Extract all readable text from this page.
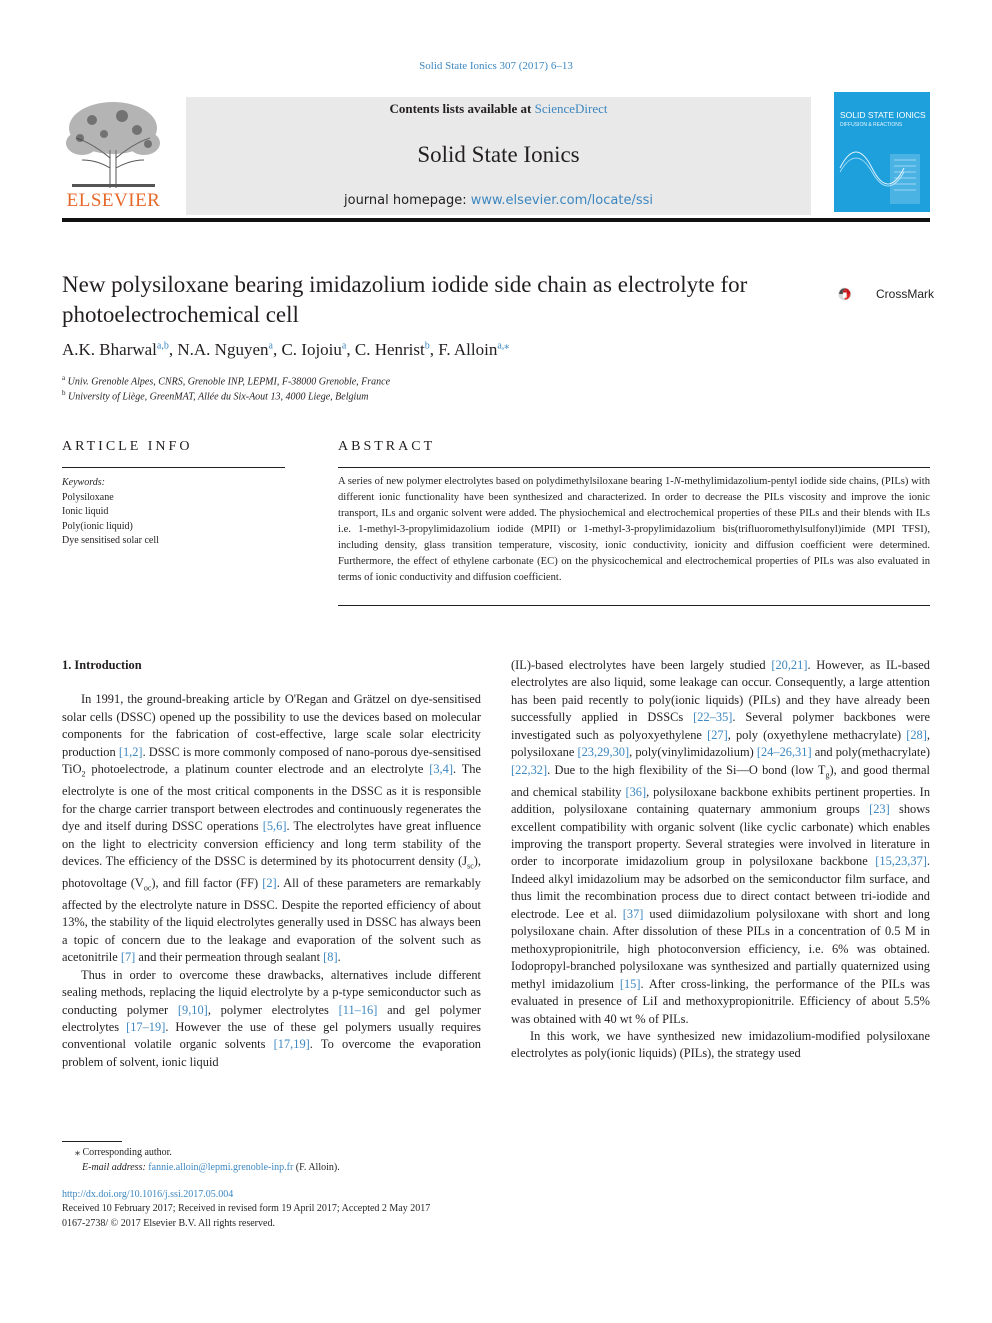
Solid State Ionics 307 (2017) 6–13
Contents lists available at ScienceDirect
Solid State Ionics
journal homepage: www.elsevier.com/locate/ssi
ELSEVIER
SOLID STATE IONICS
DIFFUSION & REACTIONS
New polysiloxane bearing imidazolium iodide side chain as electrolyte for photoelectrochemical cell
CrossMark
A.K. Bharwal$^{a,b}$, N.A. Nguyen$^a$, C. Iojoiu$^a$, C. Henrist$^b$, F. Alloin$^{a,⁎}$
$^a$ Univ. Grenoble Alpes, CNRS, Grenoble INP, LEPMI, F-38000 Grenoble, France
$^b$ University of Liège, GreenMAT, Allée du Six-Aout 13, 4000 Liege, Belgium
ARTICLE INFO	ABSTRACT
Keywords:
Polysiloxane
Ionic liquid
Poly(ionic liquid)
Dye sensitised solar cell
A series of new polymer electrolytes based on polydimethylsiloxane bearing 1-N-methylimidazolium-pentyl iodide side chains, (PILs) with different ionic functionality have been synthesized and characterized. In order to decrease the PILs viscosity and improve the ionic transport, ILs and organic solvent were added. The physiochemical and electrochemical properties of these PILs and their blends with ILs i.e. 1-methyl-3-propylimidazolium iodide (MPII) or 1-methyl-3-propylimidazolium bis(trifluoromethylsulfonyl)imide (MPI TFSI), including density, glass transition temperature, viscosity, ionic conductivity, ionicity and diffusion coefficient were determined. Furthermore, the effect of ethylene carbonate (EC) on the physicochemical and electrochemical properties of PILs was also evaluated in terms of ionic conductivity and diffusion coefficient.

1. Introduction

In 1991, the ground-breaking article by O'Regan and Grätzel on dye-sensitised solar cells (DSSC) opened up the possibility to use the devices based on molecular components for the fabrication of cost-effective, large scale solar electricity production [1,2]. DSSC is more commonly composed of nano-porous dye-sensitised TiO$_2$ photoelectrode, a platinum counter electrode and an electrolyte [3,4]. The electrolyte is one of the most critical components in the DSSC as it is responsible for the charge carrier transport between electrodes and continuously regenerates the dye and itself during DSSC operations [5,6]. The electrolytes have great influence on the light to electricity conversion efficiency and long term stability of the devices. The efficiency of the DSSC is determined by its photocurrent density $(J_{sc})$, photovoltage $(V_{oc})$, and fill factor (FF) [2]. All of these parameters are remarkably affected by the electrolyte nature in DSSC. Despite the reported efficiency of about 13%, the stability of the liquid electrolytes generally used in DSSC has always been a topic of concern due to the leakage and evaporation of the solvent such as acetonitrile [7] and their permeation through sealant [8].

Thus in order to overcome these drawbacks, alternatives include different sealing methods, replacing the liquid electrolyte by a p-type semiconductor such as conducting polymer [9,10], polymer electrolytes [11–16] and gel polymer electrolytes [17–19]. However the use of these gel polymers usually requires conventional volatile organic solvents [17,19]. To overcome the evaporation problem of solvent, ionic liquid

(IL)-based electrolytes have been largely studied [20,21]. However, as IL-based electrolytes are also liquid, some leakage can occur. Consequently, a large attention has been paid recently to poly(ionic liquids) (PILs) and they have already been successfully applied in DSSCs [22–35]. Several polymer backbones were investigated such as polyoxyethylene [27], poly (oxyethylene methacrylate) [28], polysiloxane [23,29,30], poly(vinylimidazolium) [24–26,31] and poly(methacrylate) [22,32]. Due to the high flexibility of the Si—O bond (low $T_g$), and good thermal and chemical stability [36], polysiloxane backbone exhibits pertinent properties. In addition, polysiloxane containing quaternary ammonium groups [23] shows excellent compatibility with organic solvent (like cyclic carbonate) which enables improving the transport property. Several strategies were involved in literature in order to incorporate imidazolium group in polysiloxane backbone [15,23,37]. Indeed alkyl imidazolium may be adsorbed on the semiconductor film surface, and thus limit the recombination process due to direct contact between tri-iodide and electrode. Lee et al. [37] used diimidazolium polysiloxane with short and long polysiloxane chain. After dissolution of these PILs in a concentration of 0.5 M in methoxypropionitrile, high photoconversion efficiency, i.e. 6% was obtained. Iodopropyl-branched polysiloxane was synthesized and partially quaternized using methyl imidazolium [15]. After cross-linking, the performance of the PILs was evaluated in presence of LiI and methoxypropionitrile. Efficiency of about 5.5% was obtained with 40 wt % of PILs.

In this work, we have synthesized new imidazolium-modified polysiloxane electrolytes as poly(ionic liquids) (PILs), the strategy used

⁎ Corresponding author.
E-mail address: fannie.alloin@lepmi.grenoble-inp.fr (F. Alloin).
http://dx.doi.org/10.1016/j.ssi.2017.05.004
Received 10 February 2017; Received in revised form 19 April 2017; Accepted 2 May 2017
0167-2738/ © 2017 Elsevier B.V. All rights reserved.
